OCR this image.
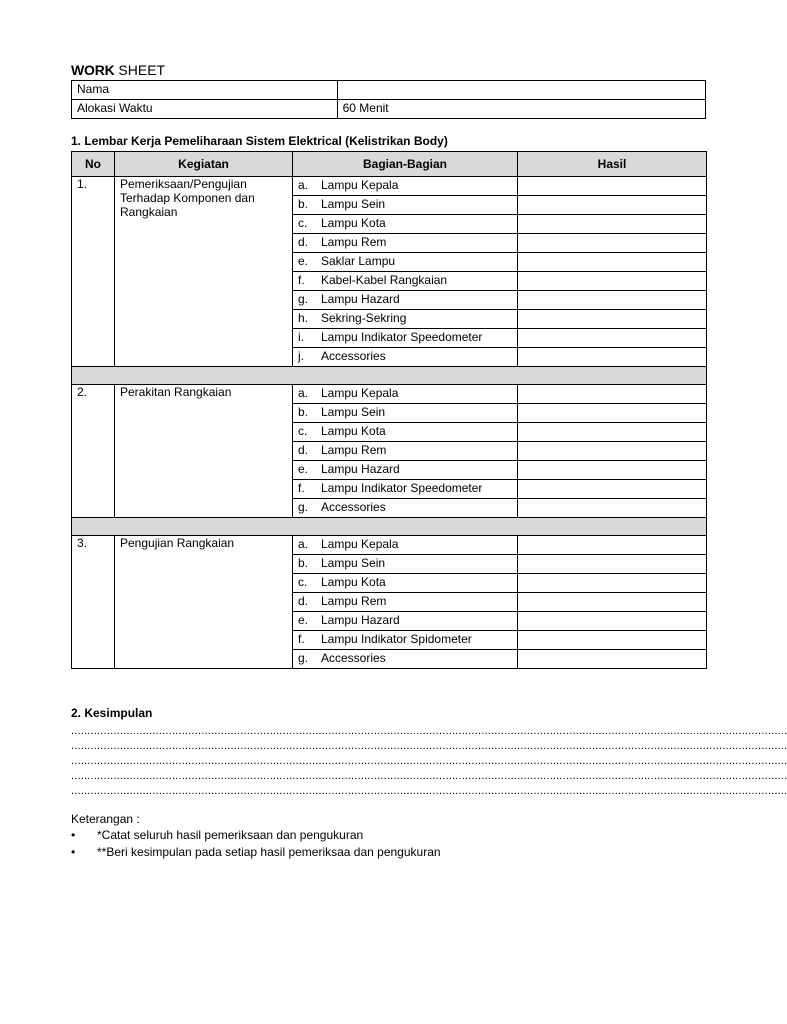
WORK SHEET
Nama	
Alokasi Waktu	60 Menit
1. Lembar Kerja Pemeliharaan Sistem Elektrical (Kelistrikan Body)
No	Kegiatan	Bagian-Bagian	Hasil
1.	Pemeriksaan/Pengujian Terhadap Komponen dan Rangkaian	a. Lampu Kepala	
		b. Lampu Sein	
		c. Lampu Kota	
		d. Lampu Rem	
		e. Saklar Lampu	
		f. Kabel-Kabel Rangkaian	
		g. Lampu Hazard	
		h. Sekring-Sekring	
		i. Lampu Indikator Speedometer	
		j. Accessories	

2.	Perakitan Rangkaian	a. Lampu Kepala	
		b. Lampu Sein	
		c. Lampu Kota	
		d. Lampu Rem	
		e. Lampu Hazard	
		f. Lampu Indikator Speedometer	
		g. Accessories	

3.	Pengujian Rangkaian	a. Lampu Kepala	
		b. Lampu Sein	
		c. Lampu Kota	
		d. Lampu Rem	
		e. Lampu Hazard	
		f. Lampu Indikator Spidometer	
		g. Accessories	
2. Kesimpulan
............................................................................................................................................................................................................................
............................................................................................................................................................................................................................
............................................................................................................................................................................................................................
............................................................................................................................................................................................................................
............................................................................................................................................................................................................................
Keterangan :
• *Catat seluruh hasil pemeriksaan dan pengukuran
• **Beri kesimpulan pada setiap hasil pemeriksaa dan pengukuran
